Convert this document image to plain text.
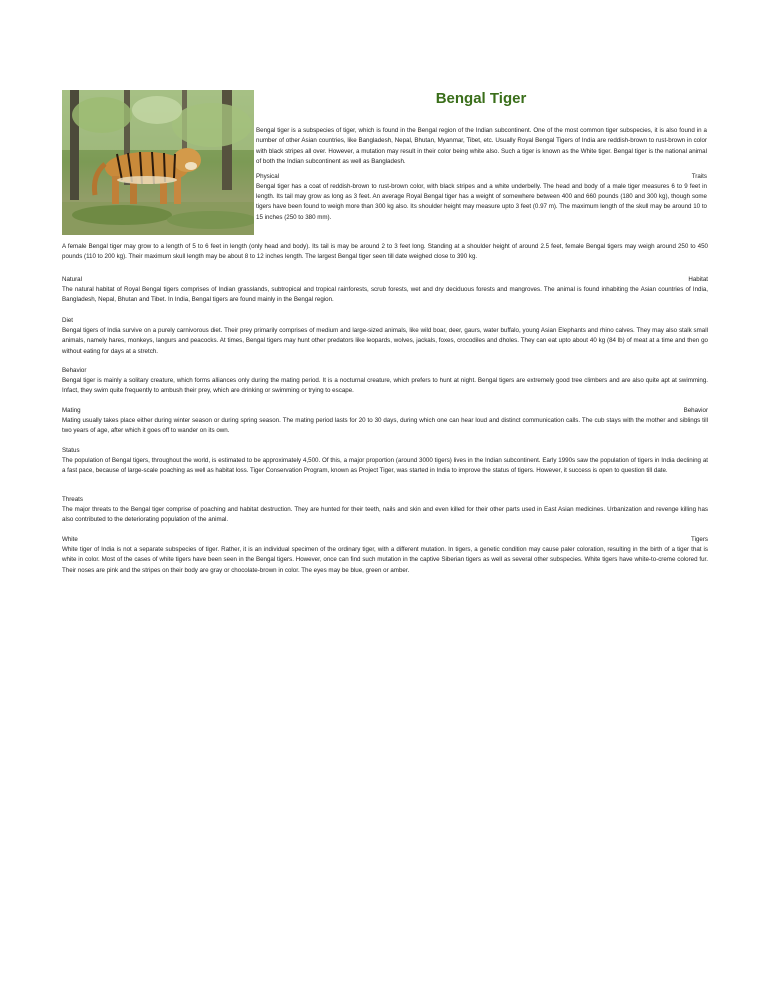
Bengal Tiger

Bengal tiger is a subspecies of tiger, which is found in the Bengal region of the Indian subcontinent. One of the most common tiger subspecies, it is also found in a number of other Asian countries, like Bangladesh, Nepal, Bhutan, Myanmar, Tibet, etc. Usually Royal Bengal Tigers of India are reddish-brown to rust-brown in color with black stripes all over. However, a mutation may result in their color being white also. Such a tiger is known as the White tiger. Bengal tiger is the national animal of both the Indian subcontinent as well as Bangladesh.

Physical	Traits

Bengal tiger has a coat of reddish-brown to rust-brown color, with black stripes and a white underbelly. The head and body of a male tiger measures 6 to 9 feet in length. Its tail may grow as long as 3 feet. An average Royal Bengal tiger has a weight of somewhere between 400 and 660 pounds (180 and 300 kg), though some tigers have been found to weigh more than 300 kg also. Its shoulder height may measure upto 3 feet (0.97 m). The maximum length of the skull may be around 10 to 15 inches (250 to 380 mm).

A female Bengal tiger may grow to a length of 5 to 6 feet in length (only head and body). Its tail is may be around 2 to 3 feet long. Standing at a shoulder height of around 2.5 feet, female Bengal tigers may weigh around 250 to 450 pounds (110 to 200 kg). Their maximum skull length may be about 8 to 12 inches length. The largest Bengal tiger seen till date weighed close to 390 kg.

Natural	Habitat

The natural habitat of Royal Bengal tigers comprises of Indian grasslands, subtropical and tropical rainforests, scrub forests, wet and dry deciduous forests and mangroves. The animal is found inhabiting the Asian countries of India, Bangladesh, Nepal, Bhutan and Tibet. In India, Bengal tigers are found mainly in the Bengal region.

Diet

Bengal tigers of India survive on a purely carnivorous diet. Their prey primarily comprises of medium and large-sized animals, like wild boar, deer, gaurs, water buffalo, young Asian Elephants and rhino calves. They may also stalk small animals, namely hares, monkeys, langurs and peacocks. At times, Bengal tigers may hunt other predators like leopards, wolves, jackals, foxes, crocodiles and dholes. They can eat upto about 40 kg (84 lb) of meat at a time and then go without eating for days at a stretch.

Behavior

Bengal tiger is mainly a solitary creature, which forms alliances only during the mating period. It is a nocturnal creature, which prefers to hunt at night. Bengal tigers are extremely good tree climbers and are also quite apt at swimming. Infact, they swim quite frequently to ambush their prey, which are drinking or swimming or trying to escape.

Mating	Behavior

Mating usually takes place either during winter season or during spring season. The mating period lasts for 20 to 30 days, during which one can hear loud and distinct communication calls. The cub stays with the mother and siblings till two years of age, after which it goes off to wander on its own.

Status

The population of Bengal tigers, throughout the world, is estimated to be approximately 4,500. Of this, a major proportion (around 3000 tigers) lives in the Indian subcontinent. Early 1990s saw the population of tigers in India declining at a fast pace, because of large-scale poaching as well as habitat loss. Tiger Conservation Program, known as Project Tiger, was started in India to improve the status of tigers. However, it success is open to question till date.

Threats

The major threats to the Bengal tiger comprise of poaching and habitat destruction. They are hunted for their teeth, nails and skin and even killed for their other parts used in East Asian medicines. Urbanization and revenge killing has also contributed to the deteriorating population of the animal.

White	Tigers

White tiger of India is not a separate subspecies of tiger. Rather, it is an individual specimen of the ordinary tiger, with a different mutation. In tigers, a genetic condition may cause paler coloration, resulting in the birth of a tiger that is white in color. Most of the cases of white tigers have been seen in the Bengal tigers. However, once can find such mutation in the captive Siberian tigers as well as several other subspecies. White tigers have white-to-creme colored fur. Their noses are pink and the stripes on their body are gray or chocolate-brown in color. The eyes may be blue, green or amber.
